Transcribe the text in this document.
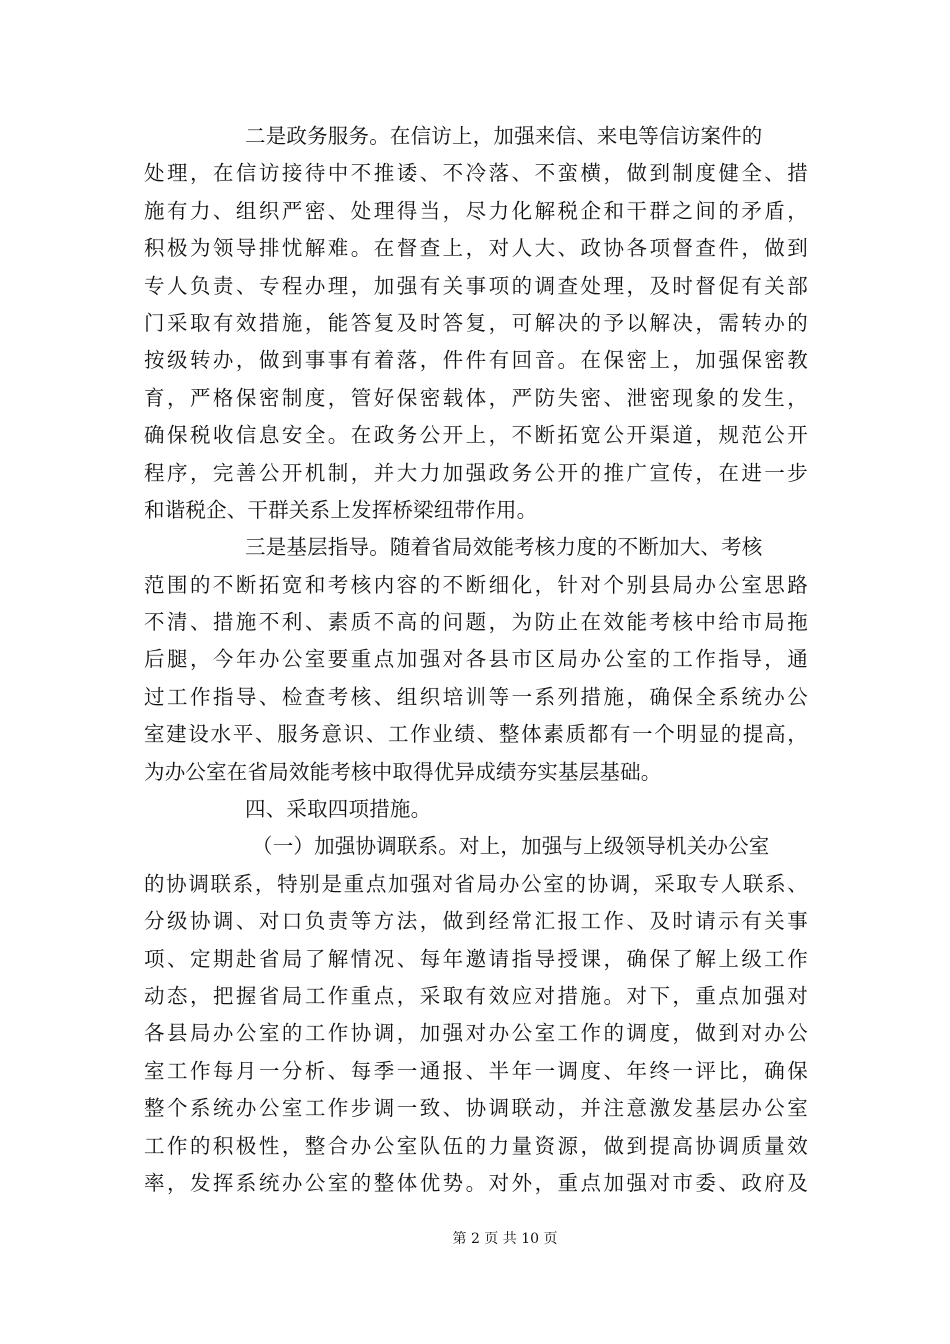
二是政务服务。在信访上，加强来信、来电等信访案件的
处理，在信访接待中不推诿、不冷落、不蛮横，做到制度健全、措
施有力、组织严密、处理得当，尽力化解税企和干群之间的矛盾，
积极为领导排忧解难。在督查上，对人大、政协各项督查件，做到
专人负责、专程办理，加强有关事项的调查处理，及时督促有关部
门采取有效措施，能答复及时答复，可解决的予以解决，需转办的
按级转办，做到事事有着落，件件有回音。在保密上，加强保密教
育，严格保密制度，管好保密载体，严防失密、泄密现象的发生，
确保税收信息安全。在政务公开上，不断拓宽公开渠道，规范公开
程序，完善公开机制，并大力加强政务公开的推广宣传，在进一步
和谐税企、干群关系上发挥桥梁纽带作用。
三是基层指导。随着省局效能考核力度的不断加大、考核
范围的不断拓宽和考核内容的不断细化，针对个别县局办公室思路
不清、措施不利、素质不高的问题，为防止在效能考核中给市局拖
后腿，今年办公室要重点加强对各县市区局办公室的工作指导，通
过工作指导、检查考核、组织培训等一系列措施，确保全系统办公
室建设水平、服务意识、工作业绩、整体素质都有一个明显的提高，
为办公室在省局效能考核中取得优异成绩夯实基层基础。
四、采取四项措施。
（一）加强协调联系。对上，加强与上级领导机关办公室
的协调联系，特别是重点加强对省局办公室的协调，采取专人联系、
分级协调、对口负责等方法，做到经常汇报工作、及时请示有关事
项、定期赴省局了解情况、每年邀请指导授课，确保了解上级工作
动态，把握省局工作重点，采取有效应对措施。对下，重点加强对
各县局办公室的工作协调，加强对办公室工作的调度，做到对办公
室工作每月一分析、每季一通报、半年一调度、年终一评比，确保
整个系统办公室工作步调一致、协调联动，并注意激发基层办公室
工作的积极性，整合办公室队伍的力量资源，做到提高协调质量效
率，发挥系统办公室的整体优势。对外，重点加强对市委、政府及
第 2 页 共 10 页
